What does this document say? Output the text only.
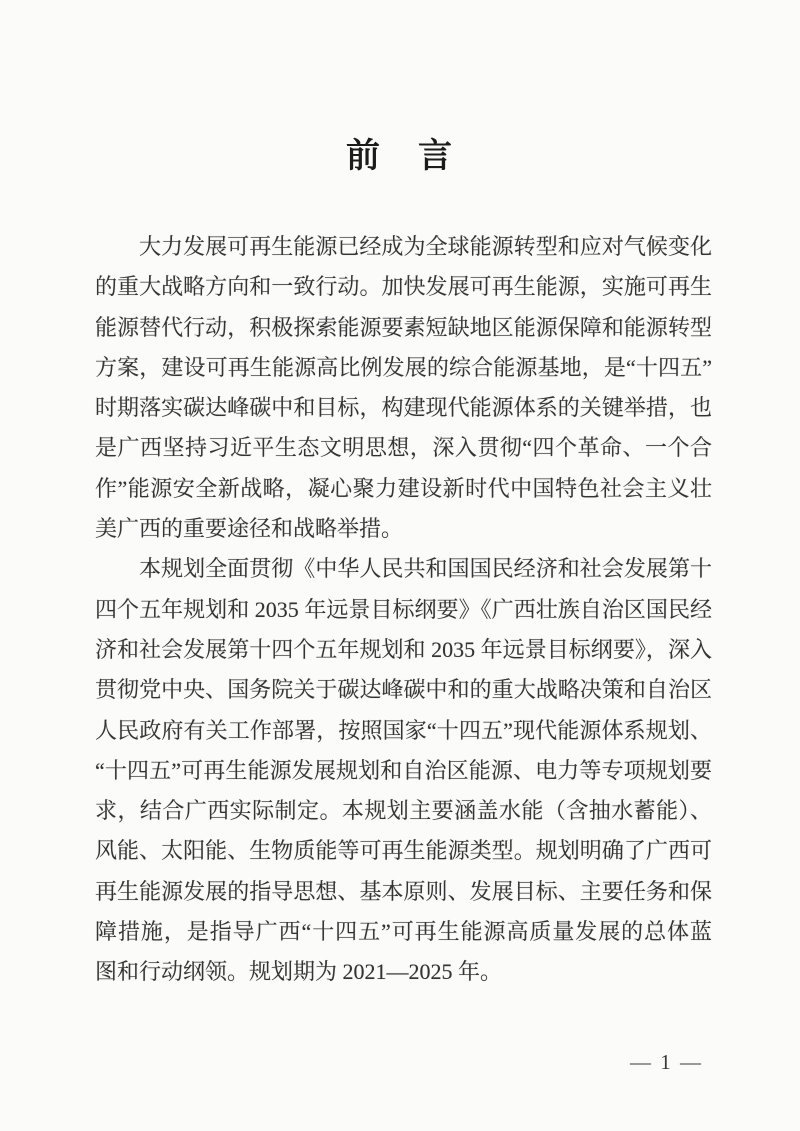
前　言
大力发展可再生能源已经成为全球能源转型和应对气候变化
的重大战略方向和一致行动。加快发展可再生能源，实施可再生
能源替代行动，积极探索能源要素短缺地区能源保障和能源转型
方案，建设可再生能源高比例发展的综合能源基地，是“十四五”
时期落实碳达峰碳中和目标，构建现代能源体系的关键举措，也
是广西坚持习近平生态文明思想，深入贯彻“四个革命、一个合
作”能源安全新战略，凝心聚力建设新时代中国特色社会主义壮
美广西的重要途径和战略举措。
本规划全面贯彻《中华人民共和国国民经济和社会发展第十
四个五年规划和 2035 年远景目标纲要》《广西壮族自治区国民经
济和社会发展第十四个五年规划和 2035 年远景目标纲要》，深入
贯彻党中央、国务院关于碳达峰碳中和的重大战略决策和自治区
人民政府有关工作部署，按照国家“十四五”现代能源体系规划、
“十四五”可再生能源发展规划和自治区能源、电力等专项规划要
求，结合广西实际制定。本规划主要涵盖水能（含抽水蓄能）、
风能、太阳能、生物质能等可再生能源类型。规划明确了广西可
再生能源发展的指导思想、基本原则、发展目标、主要任务和保
障措施，是指导广西“十四五”可再生能源高质量发展的总体蓝
图和行动纲领。规划期为 2021—2025 年。
— 1 —
